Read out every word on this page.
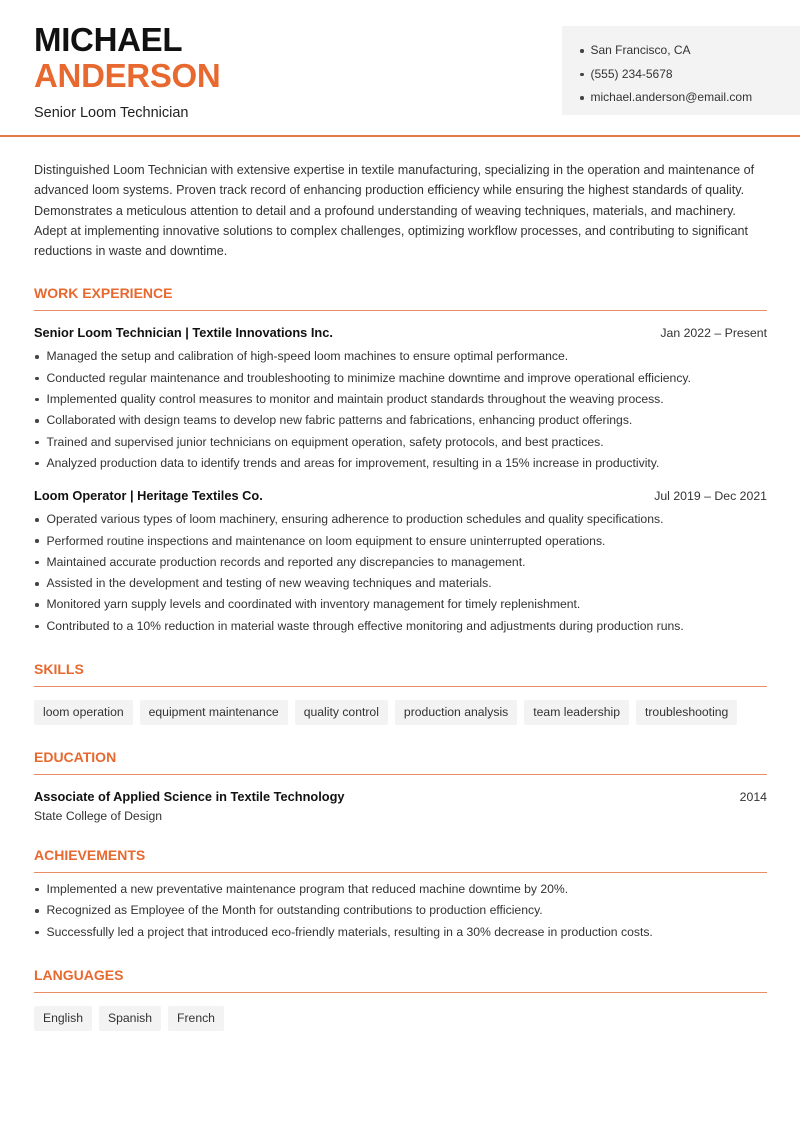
MICHAEL
ANDERSON
Senior Loom Technician
San Francisco, CA
(555) 234-5678
michael.anderson@email.com

Distinguished Loom Technician with extensive expertise in textile manufacturing, specializing in the operation and maintenance of advanced loom systems. Proven track record of enhancing production efficiency while ensuring the highest standards of quality. Demonstrates a meticulous attention to detail and a profound understanding of weaving techniques, materials, and machinery. Adept at implementing innovative solutions to complex challenges, optimizing workflow processes, and contributing to significant reductions in waste and downtime.

WORK EXPERIENCE
Senior Loom Technician | Textile Innovations Inc.	Jan 2022 – Present
Managed the setup and calibration of high-speed loom machines to ensure optimal performance.
Conducted regular maintenance and troubleshooting to minimize machine downtime and improve operational efficiency.
Implemented quality control measures to monitor and maintain product standards throughout the weaving process.
Collaborated with design teams to develop new fabric patterns and fabrications, enhancing product offerings.
Trained and supervised junior technicians on equipment operation, safety protocols, and best practices.
Analyzed production data to identify trends and areas for improvement, resulting in a 15% increase in productivity.
Loom Operator | Heritage Textiles Co.	Jul 2019 – Dec 2021
Operated various types of loom machinery, ensuring adherence to production schedules and quality specifications.
Performed routine inspections and maintenance on loom equipment to ensure uninterrupted operations.
Maintained accurate production records and reported any discrepancies to management.
Assisted in the development and testing of new weaving techniques and materials.
Monitored yarn supply levels and coordinated with inventory management for timely replenishment.
Contributed to a 10% reduction in material waste through effective monitoring and adjustments during production runs.
SKILLS
loom operation	equipment maintenance	quality control	production analysis	team leadership	troubleshooting
EDUCATION
Associate of Applied Science in Textile Technology	2014
State College of Design
ACHIEVEMENTS
Implemented a new preventative maintenance program that reduced machine downtime by 20%.
Recognized as Employee of the Month for outstanding contributions to production efficiency.
Successfully led a project that introduced eco-friendly materials, resulting in a 30% decrease in production costs.
LANGUAGES
English	Spanish	French
